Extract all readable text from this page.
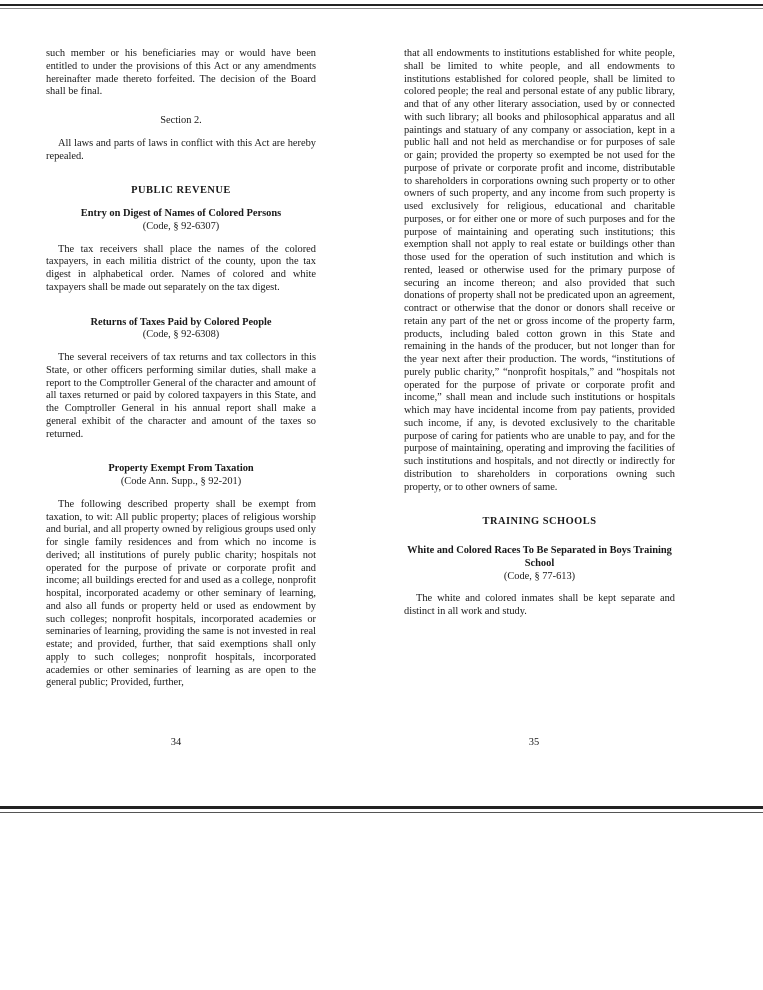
such member or his beneficiaries may or would have been entitled to under the provisions of this Act or any amendments hereinafter made thereto forfeited. The decision of the Board shall be final.

Section 2.

All laws and parts of laws in conflict with this Act are hereby repealed.

PUBLIC REVENUE

Entry on Digest of Names of Colored Persons

(Code, § 92-6307)

The tax receivers shall place the names of the colored taxpayers, in each militia district of the county, upon the tax digest in alphabetical order. Names of colored and white taxpayers shall be made out separately on the tax digest.

Returns of Taxes Paid by Colored People

(Code, § 92-6308)

The several receivers of tax returns and tax collectors in this State, or other officers performing similar duties, shall make a report to the Comptroller General of the character and amount of all taxes returned or paid by colored taxpayers in this State, and the Comptroller General in his annual report shall make a general exhibit of the character and amount of the taxes so returned.

Property Exempt From Taxation

(Code Ann. Supp., § 92-201)

The following described property shall be exempt from taxation, to wit: All public property; places of religious worship and burial, and all property owned by religious groups used only for single family residences and from which no income is derived; all institutions of purely public charity; hospitals not operated for the purpose of private or corporate profit and income; all buildings erected for and used as a college, nonprofit hospital, incorporated academy or other seminary of learning, and also all funds or property held or used as endowment by such colleges; nonprofit hospitals, incorporated academies or seminaries of learning, providing the same is not invested in real estate; and provided, further, that said exemptions shall only apply to such colleges; nonprofit hospitals, incorporated academies or other seminaries of learning as are open to the general public; Provided, further,

that all endowments to institutions established for white people, shall be limited to white people, and all endowments to institutions established for colored people, shall be limited to colored people; the real and personal estate of any public library, and that of any other literary association, used by or connected with such library; all books and philosophical apparatus and all paintings and statuary of any company or association, kept in a public hall and not held as merchandise or for purposes of sale or gain; provided the property so exempted be not used for the purpose of private or corporate profit and income, distributable to shareholders in corporations owning such property or to other owners of such property, and any income from such property is used exclusively for religious, educational and charitable purposes, or for either one or more of such purposes and for the purpose of maintaining and operating such institutions; this exemption shall not apply to real estate or buildings other than those used for the operation of such institution and which is rented, leased or otherwise used for the primary purpose of securing an income thereon; and also provided that such donations of property shall not be predicated upon an agreement, contract or otherwise that the donor or donors shall receive or retain any part of the net or gross income of the property farm, products, including baled cotton grown in this State and remaining in the hands of the producer, but not longer than for the year next after their production. The words, “institutions of purely public charity,” “nonprofit hospitals,” and “hospitals not operated for the purpose of private or corporate profit and income,” shall mean and include such institutions or hospitals which may have incidental income from pay patients, provided such income, if any, is devoted exclusively to the charitable purpose of caring for patients who are unable to pay, and for the purpose of maintaining, operating and improving the facilities of such institutions and hospitals, and not directly or indirectly for distribution to shareholders in corporations owning such property, or to other owners of same.

TRAINING SCHOOLS

White and Colored Races To Be Separated in Boys Training School

(Code, § 77-613)

The white and colored inmates shall be kept separate and distinct in all work and study.

34	35
